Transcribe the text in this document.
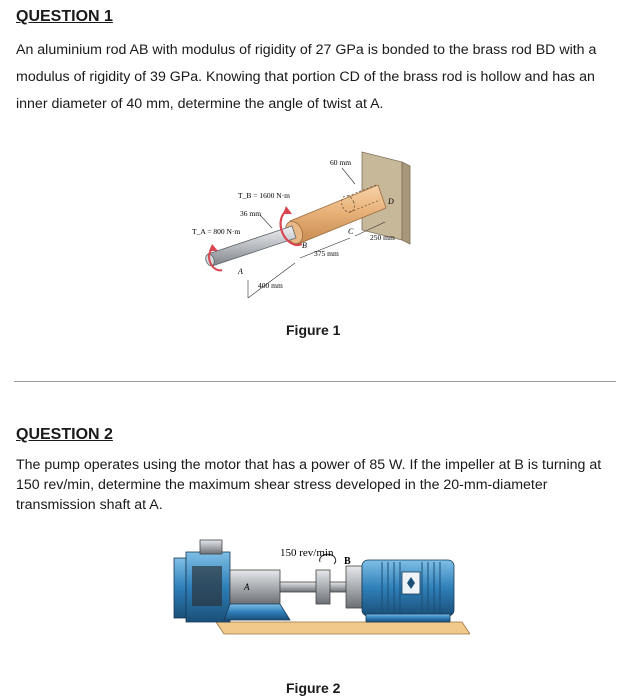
QUESTION 1
An aluminium rod AB with modulus of rigidity of 27 GPa is bonded to the brass rod BD with a modulus of rigidity of 39 GPa. Knowing that portion CD of the brass rod is hollow and has an inner diameter of 40 mm, determine the angle of twist at A.
60 mm
T_B = 1600 N·m
36 mm
T_A = 800 N·m
A
B
C
D
400 mm
375 mm
250 mm
Figure 1
QUESTION 2
The pump operates using the motor that has a power of 85 W. If the impeller at B is turning at 150 rev/min, determine the maximum shear stress developed in the 20-mm-diameter transmission shaft at A.
150 rev/min
A
B
Figure 2
